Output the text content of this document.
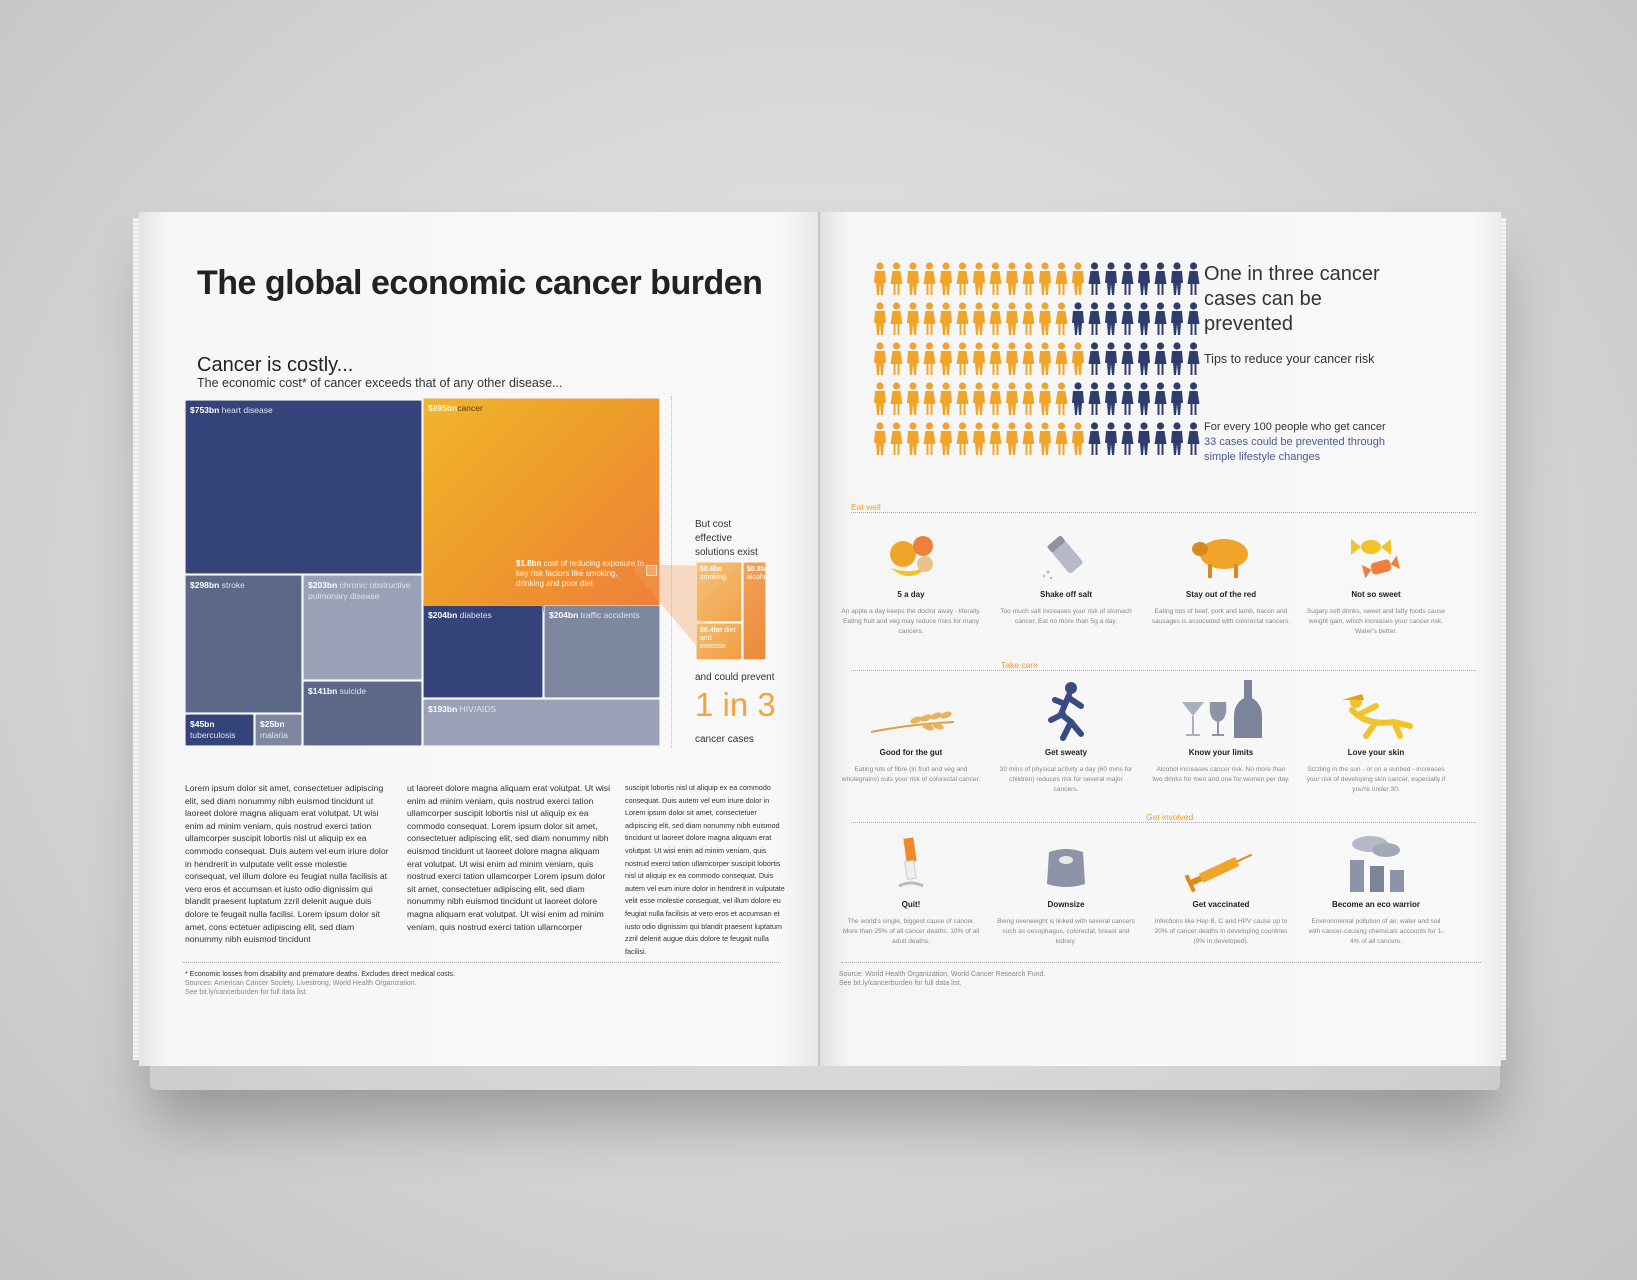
The global economic cancer burden
Cancer is costly...
The economic cost* of cancer exceeds that of any other disease...
$753bn heart disease	$895bncancer
$1.8bn cost of reducing exposure to key risk factors like smoking, drinking and poor diet
$298bn stroke	$203bn chronic obstructive pulmonary disease
$204bn diabetes	$204bn traffic accidents
$141bn suicide
$45bn
tuberculosis
$25bn
malaria
$193bn HIV/AIDS
But cost effective solutions exist
$0.6bn
smoking
$0.8bn
alcohol
$0.4bn diet and exercise
and could prevent
1 in 3
cancer cases
Lorem ipsum dolor sit amet, consectetuer adipiscing elit, sed diam nonummy nibh euismod tincidunt ut laoreet dolore magna aliquam erat volutpat. Ut wisi enim ad minim veniam, quis nostrud exerci tation ullamcorper suscipit lobortis nisl ut aliquip ex ea commodo consequat. Duis autem vel eum iriure dolor in hendrerit in vulputate velit esse molestie consequat, vel illum dolore eu feugiat nulla facilisis at vero eros et accumsan et iusto odio dignissim qui blandit praesent luptatum zzril delenit augue duis dolore te feugait nulla facilisi. Lorem ipsum dolor sit amet, cons ectetuer adipiscing elit, sed diam nonummy nibh euismod tincidunt
ut laoreet dolore magna aliquam erat volutpat. Ut wisi enim ad minim veniam, quis nostrud exerci tation ullamcorper suscipit lobortis nisl ut aliquip ex ea commodo consequat. Lorem ipsum dolor sit amet, consectetuer adipiscing elit, sed diam nonummy nibh euismod tincidunt ut laoreet dolore magna aliquam erat volutpat. Ut wisi enim ad minim veniam, quis nostrud exerci tation ullamcorper Lorem ipsum dolor sit amet, consectetuer adipiscing elit, sed diam nonummy nibh euismod tincidunt ut laoreet dolore magna aliquam erat volutpat. Ut wisi enim ad minim veniam, quis nostrud exerci tation ullamcorper
suscipit lobortis nisl ut aliquip ex ea commodo consequat. Duis autem vel eum iriure dolor in Lorem ipsum dolor sit amet, consectetuer adipiscing elit, sed diam nonummy nibh euismod tincidunt ut laoreet dolore magna aliquam erat volutpat. Ut wisi enim ad minim veniam, quis nostrud exerci tation ullamcorper suscipit lobortis nisl ut aliquip ex ea commodo consequat. Duis autem vel eum iriure dolor in hendrerit in vulputate velit esse molestie consequat, vel illum dolore eu feugiat nulla facilisis at vero eros et accumsan et iusto odio dignissim qui blandit praesent luptatum zzril delenit augue duis dolore te feugait nulla facilisi.
* Economic losses from disability and premature deaths. Excludes direct medical costs.
Sources: American Cancer Society, Livestrong, World Health Organization.
See bit.ly/cancerburden for full data list.
One in three cancer cases can be prevented
Tips to reduce your cancer risk
For every 100 people who get cancer
33 cases could be prevented through simple lifestyle changes
Eat well
Take care
Get involved
5 a day
An apple a day keeps the doctor away - literally. Eating fruit and veg may reduce risks for many cancers.
Shake off salt
Too much salt increases your risk of stomach cancer. Eat no more than 5g a day.
Stay out of the red
Eating lots of beef, pork and lamb, bacon and sausages is associated with colorectal cancers.
Not so sweet
Sugary soft drinks, sweet and fatty foods cause weight gain, which increases your cancer risk. Water's better.
Good for the gut
Eating lots of fibre (in fruit and veg and wholegrains) cuts your risk of colorectal cancer.
Get sweaty
30 mins of physical activity a day (60 mins for children) reduces risk for several major cancers.
Know your limits
Alcohol increases cancer risk. No more than two drinks for men and one for women per day.
Love your skin
Sizzling in the sun - or on a sunbed - increases your risk of developing skin cancer, especially if you're under 30.
Quit!
The world's single, biggest cause of cancer. More than 25% of all cancer deaths. 10% of all adult deaths.
Downsize
Being overweight is linked with several cancers such as oesophagus, colorectal, breast and kidney.
Get vaccinated
Infections like Hep B, C and HPV cause up to 20% of cancer deaths in developing countries (9% in developed).
Become an eco warrior
Environmental pollution of air, water and soil with cancer-causing chemicals accounts for 1-4% of all cancers.
Source: World Health Organization, World Cancer Research Fund.
See bit.ly/cancerburden for full data list.
